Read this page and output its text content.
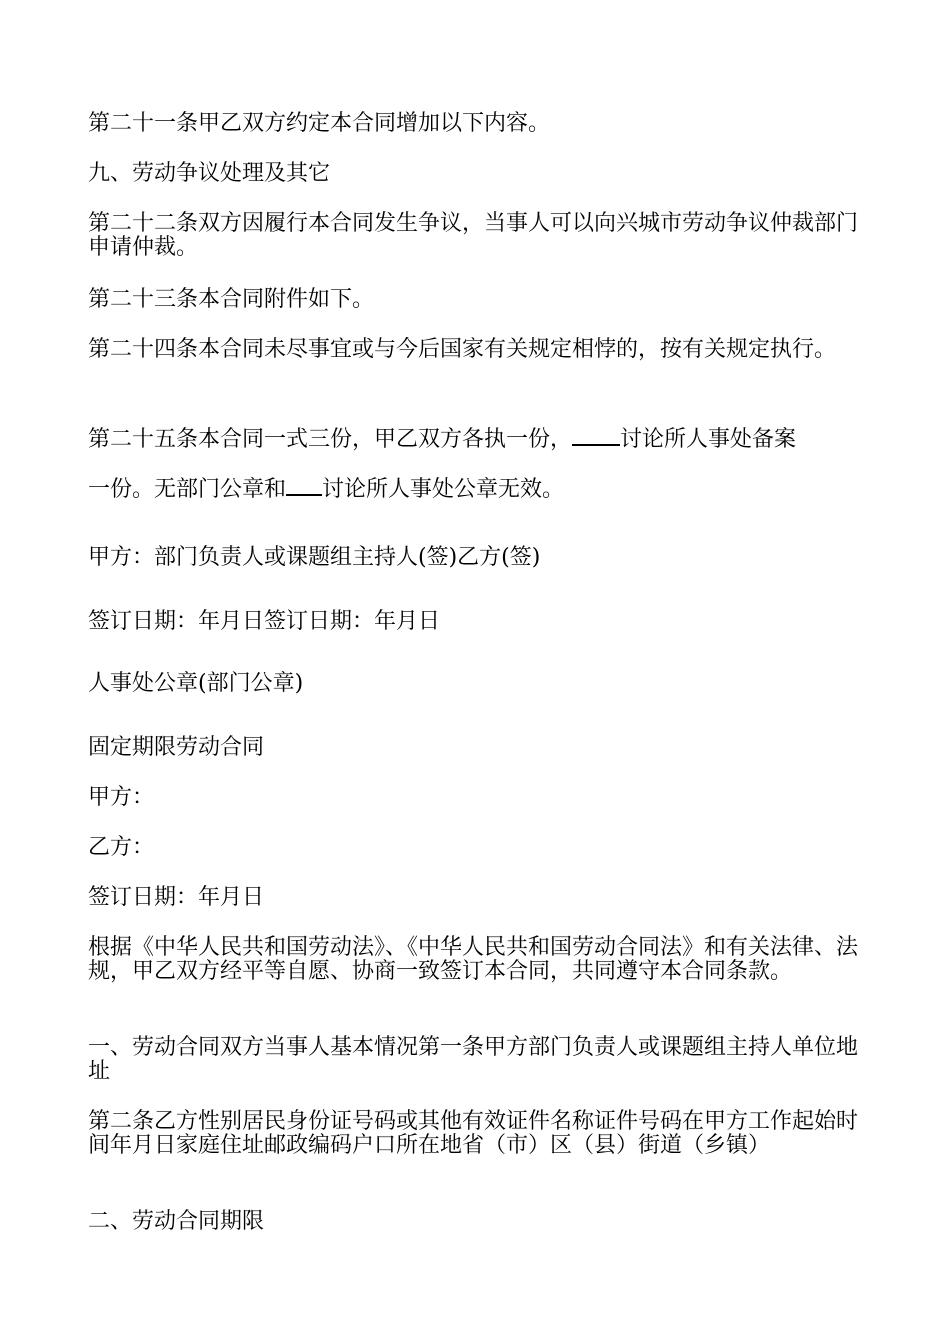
第二十一条甲乙双方约定本合同增加以下内容。

九、劳动争议处理及其它

第二十二条双方因履行本合同发生争议，当事人可以向兴城市劳动争议仲裁部门申请仲裁。

第二十三条本合同附件如下。

第二十四条本合同未尽事宜或与今后国家有关规定相悖的，按有关规定执行。

第二十五条本合同一式三份，甲乙双方各执一份， 讨论所人事处备案

一份。无部门公章和 讨论所人事处公章无效。

甲方：部门负责人或课题组主持人(签)乙方(签)

签订日期：年月日签订日期：年月日

人事处公章(部门公章)

固定期限劳动合同

甲方：

乙方：

签订日期：年月日

根据《中华人民共和国劳动法》、《中华人民共和国劳动合同法》和有关法律、法规，甲乙双方经平等自愿、协商一致签订本合同，共同遵守本合同条款。

一、劳动合同双方当事人基本情况第一条甲方部门负责人或课题组主持人单位地址

第二条乙方性别居民身份证号码或其他有效证件名称证件号码在甲方工作起始时间年月日家庭住址邮政编码户口所在地省（市）区（县）街道（乡镇）

二、劳动合同期限
